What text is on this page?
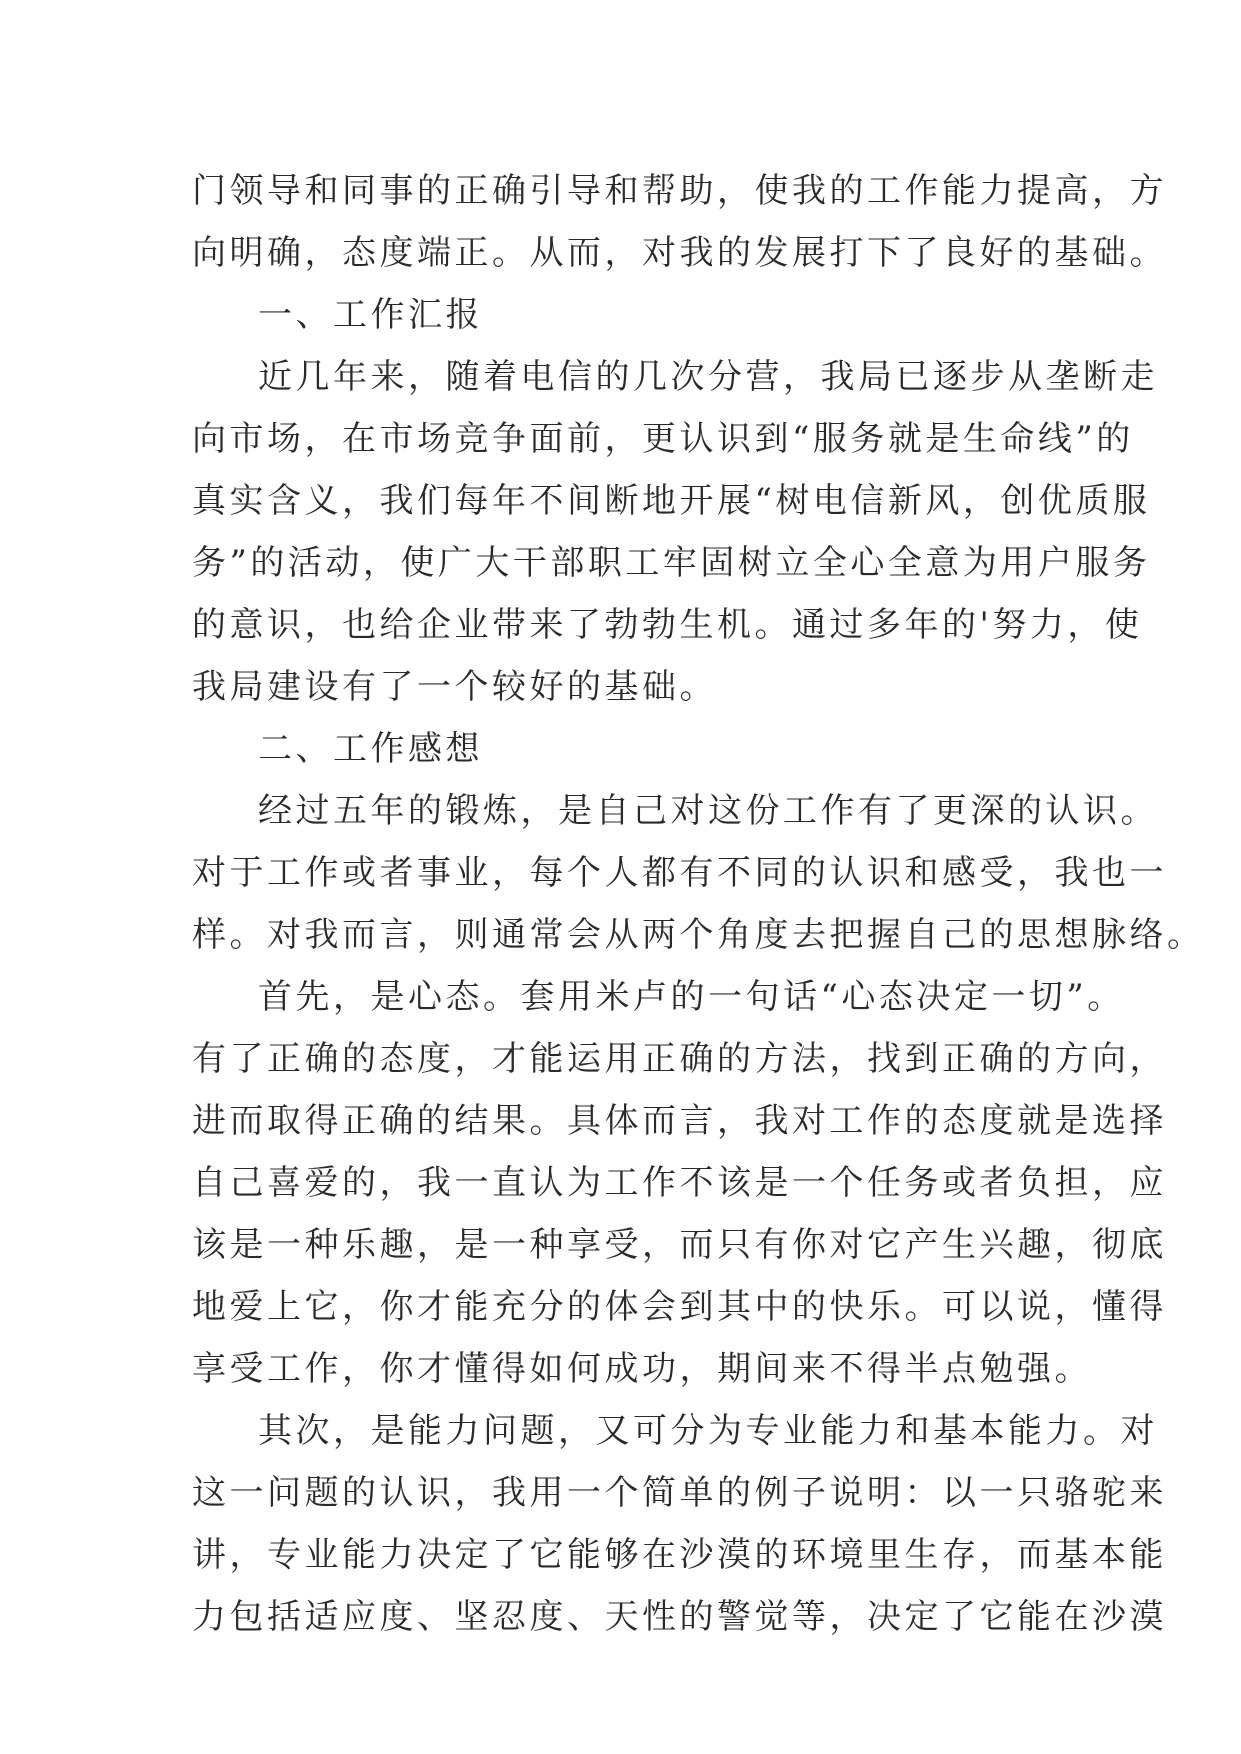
门领导和同事的正确引导和帮助，使我的工作能力提高，方
向明确，态度端正。从而，对我的发展打下了良好的基础。
一、工作汇报
近几年来，随着电信的几次分营，我局已逐步从垄断走
向市场，在市场竞争面前，更认识到“服务就是生命线”的
真实含义，我们每年不间断地开展“树电信新风，创优质服
务”的活动，使广大干部职工牢固树立全心全意为用户服务
的意识，也给企业带来了勃勃生机。通过多年的'努力，使
我局建设有了一个较好的基础。
二、工作感想
经过五年的锻炼，是自己对这份工作有了更深的认识。
对于工作或者事业，每个人都有不同的认识和感受，我也一
样。对我而言，则通常会从两个角度去把握自己的思想脉络。
首先，是心态。套用米卢的一句话“心态决定一切”。
有了正确的态度，才能运用正确的方法，找到正确的方向，
进而取得正确的结果。具体而言，我对工作的态度就是选择
自己喜爱的，我一直认为工作不该是一个任务或者负担，应
该是一种乐趣，是一种享受，而只有你对它产生兴趣，彻底
地爱上它，你才能充分的体会到其中的快乐。可以说，懂得
享受工作，你才懂得如何成功，期间来不得半点勉强。
其次，是能力问题，又可分为专业能力和基本能力。对
这一问题的认识，我用一个简单的例子说明：以一只骆驼来
讲，专业能力决定了它能够在沙漠的环境里生存，而基本能
力包括适应度、坚忍度、天性的警觉等，决定了它能在沙漠
